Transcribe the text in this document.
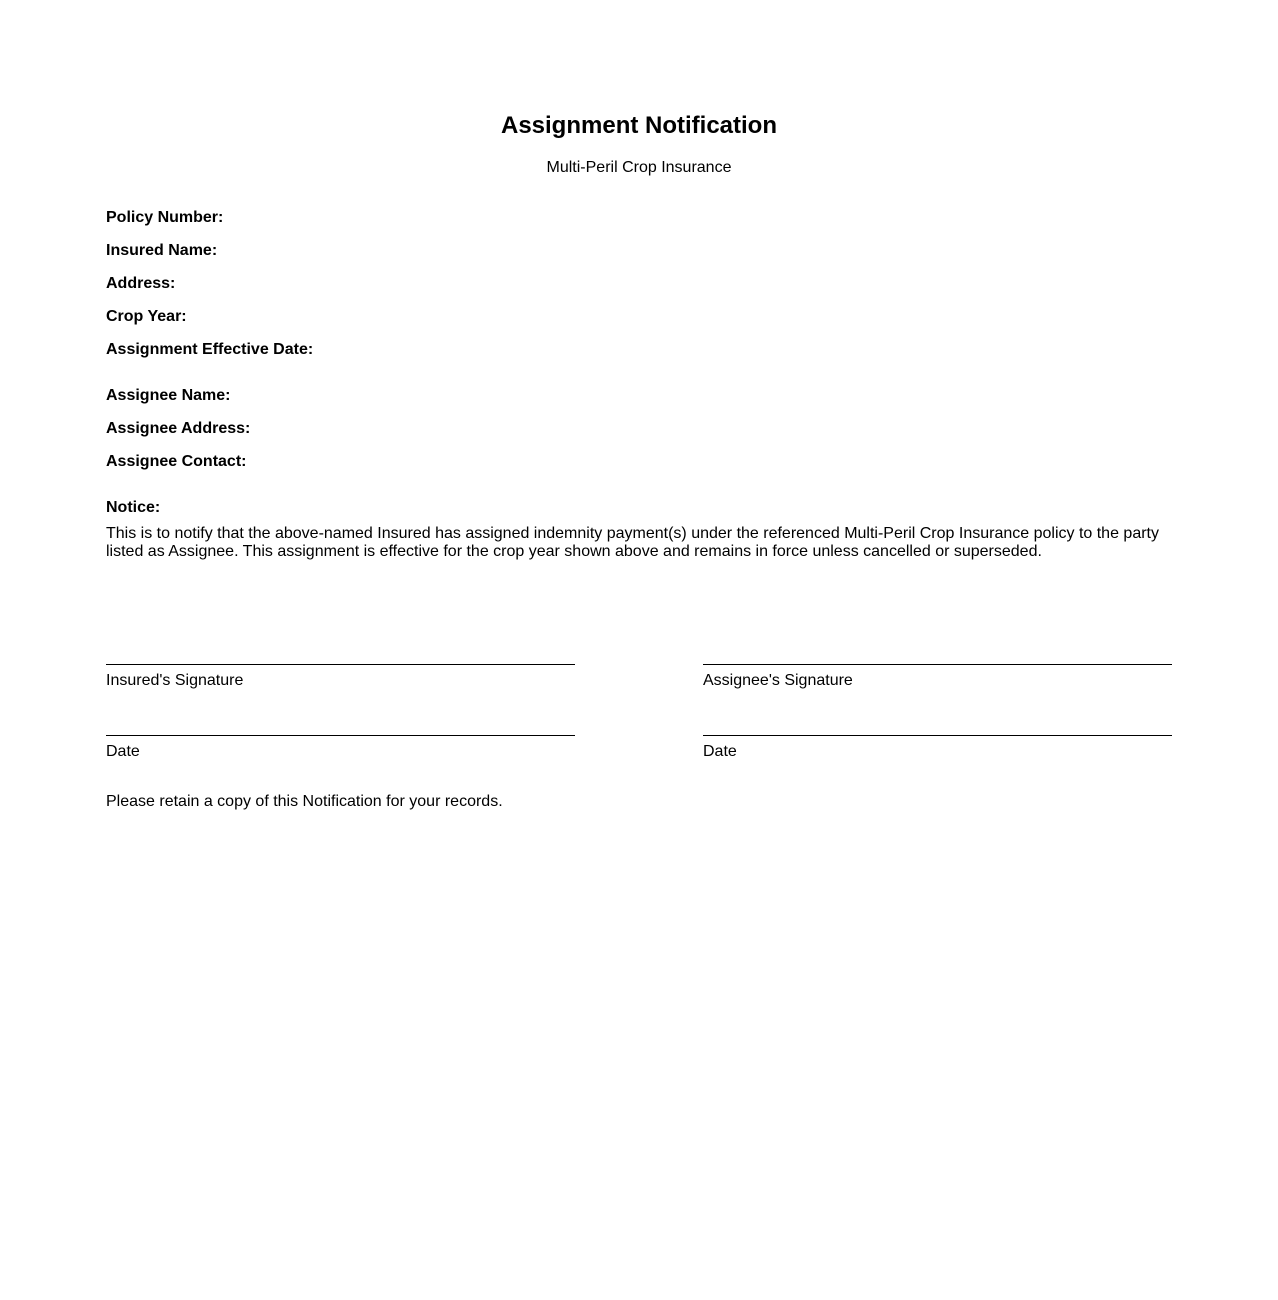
Assignment Notification
Multi-Peril Crop Insurance
Policy Number:
Insured Name:
Address:
Crop Year:
Assignment Effective Date:
Assignee Name:
Assignee Address:
Assignee Contact:
Notice:
This is to notify that the above-named Insured has assigned indemnity payment(s) under the referenced Multi-Peril Crop Insurance policy to the party listed as Assignee. This assignment is effective for the crop year shown above and remains in force unless cancelled or superseded.
Insured's Signature	Assignee's Signature
Date	Date
Please retain a copy of this Notification for your records.
